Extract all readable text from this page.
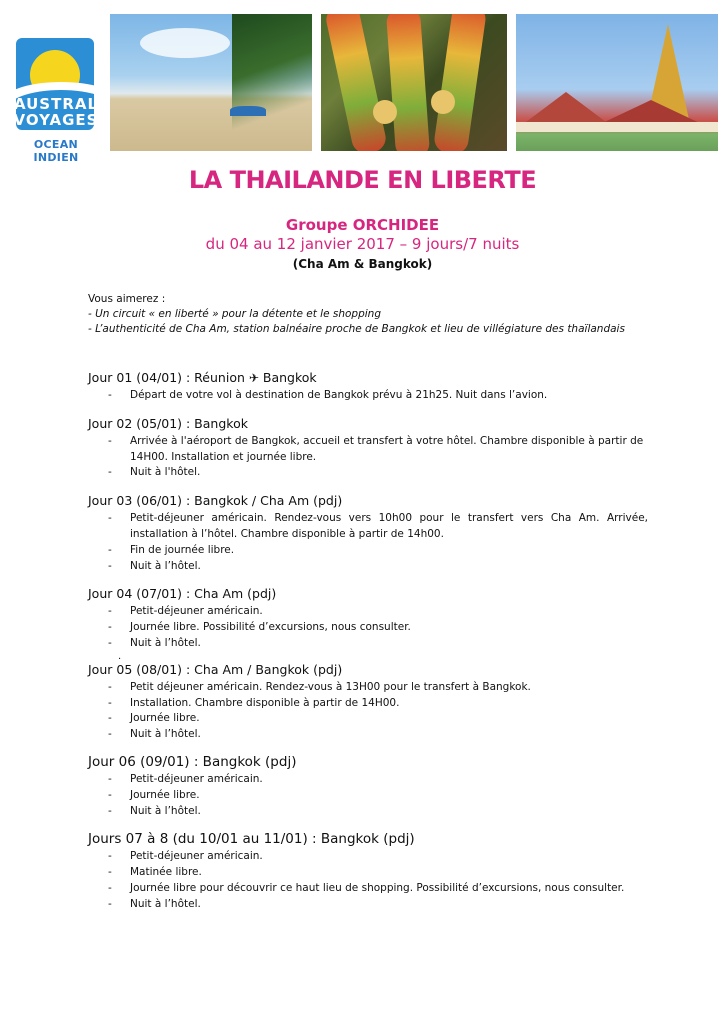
AUSTRAL
VOYAGES
OCEAN INDIEN
LA THAILANDE EN LIBERTE
Groupe ORCHIDEE
du 04 au 12 janvier 2017 – 9 jours/7 nuits
(Cha Am & Bangkok)
Vous aimerez :
- Un circuit « en liberté » pour la détente et le shopping
- L’authenticité de Cha Am, station balnéaire proche de Bangkok et lieu de villégiature des thaïlandais

Jour 01 (04/01) : Réunion ✈ Bangkok

- Départ de votre vol à destination de Bangkok prévu à 21h25. Nuit dans l’avion.

Jour 02 (05/01) : Bangkok

- Arrivée à l'aéroport de Bangkok, accueil et transfert à votre hôtel. Chambre disponible à partir de 14H00. Installation et journée libre.
- Nuit à l'hôtel.

Jour 03 (06/01) : Bangkok / Cha Am (pdj)

- Petit-déjeuner américain. Rendez-vous vers 10h00 pour le transfert vers Cha Am. Arrivée, installation à l’hôtel. Chambre disponible à partir de 14h00.
- Fin de journée libre.
- Nuit à l’hôtel.

Jour 04 (07/01) : Cha Am (pdj)

- Petit-déjeuner américain.
- Journée libre. Possibilité d’excursions, nous consulter.
- Nuit à l’hôtel.
.

Jour 05 (08/01) : Cha Am / Bangkok (pdj)

- Petit déjeuner américain. Rendez-vous à 13H00 pour le transfert à Bangkok.
- Installation. Chambre disponible à partir de 14H00.
- Journée libre.
- Nuit à l’hôtel.

Jour 06 (09/01) : Bangkok (pdj)

- Petit-déjeuner américain.
- Journée libre.
- Nuit à l’hôtel.

Jours 07 à 8 (du 10/01 au 11/01) : Bangkok (pdj)

- Petit-déjeuner américain.
- Matinée libre.
- Journée libre pour découvrir ce haut lieu de shopping. Possibilité d’excursions, nous consulter.
- Nuit à l’hôtel.
